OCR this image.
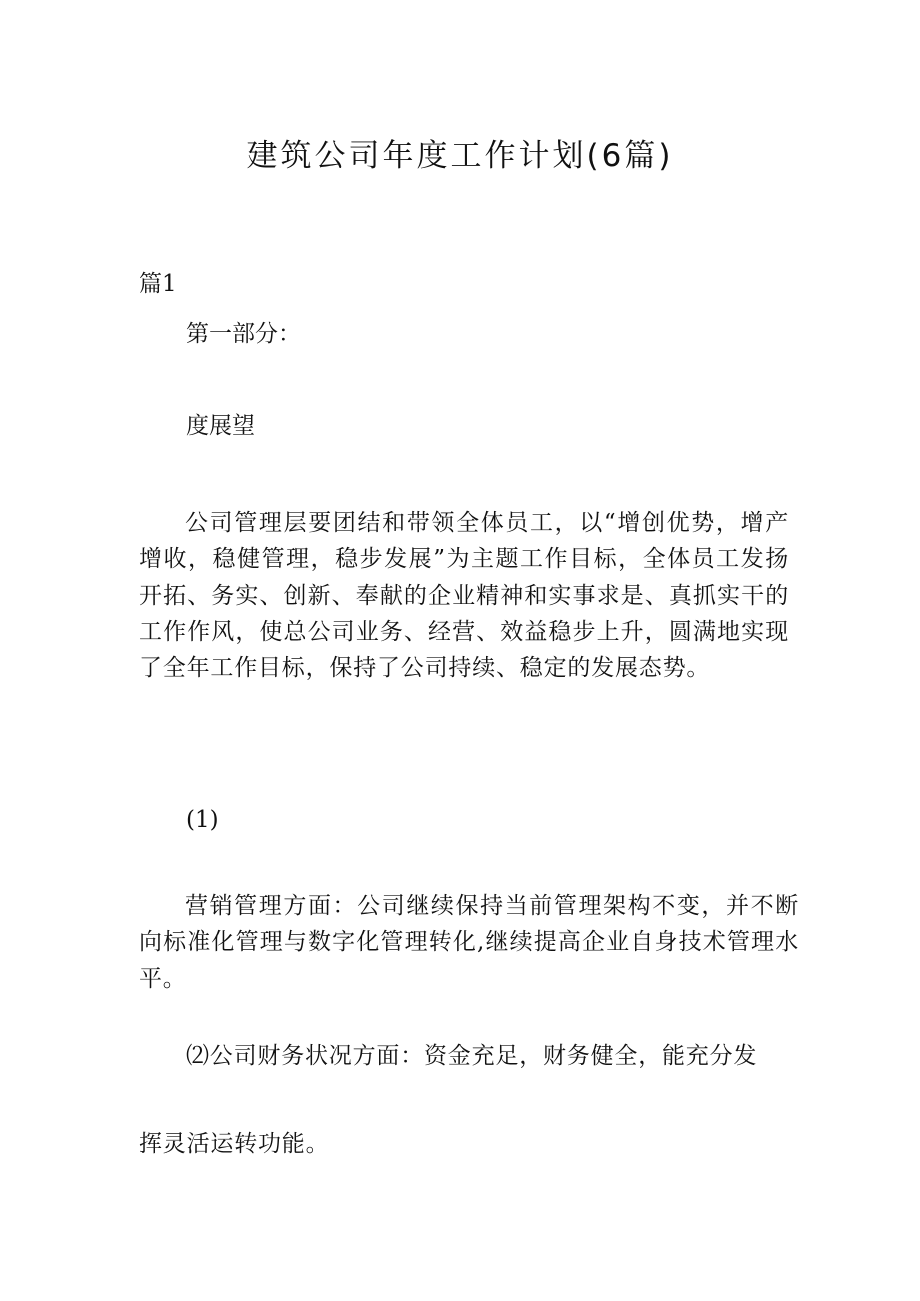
建筑公司年度工作计划(6篇)
篇1
第一部分：
度展望

公司管理层要团结和带领全体员工，以“增创优势，增产增收，稳健管理，稳步发展”为主题工作目标，全体员工发扬开拓、务实、创新、奉献的企业精神和实事求是、真抓实干的工作作风，使总公司业务、经营、效益稳步上升，圆满地实现了全年工作目标，保持了公司持续、稳定的发展态势。

(1)

营销管理方面：公司继续保持当前管理架构不变，并不断向标准化管理与数字化管理转化,继续提高企业自身技术管理水平。

⑵公司财务状况方面：资金充足，财务健全，能充分发
挥灵活运转功能。
